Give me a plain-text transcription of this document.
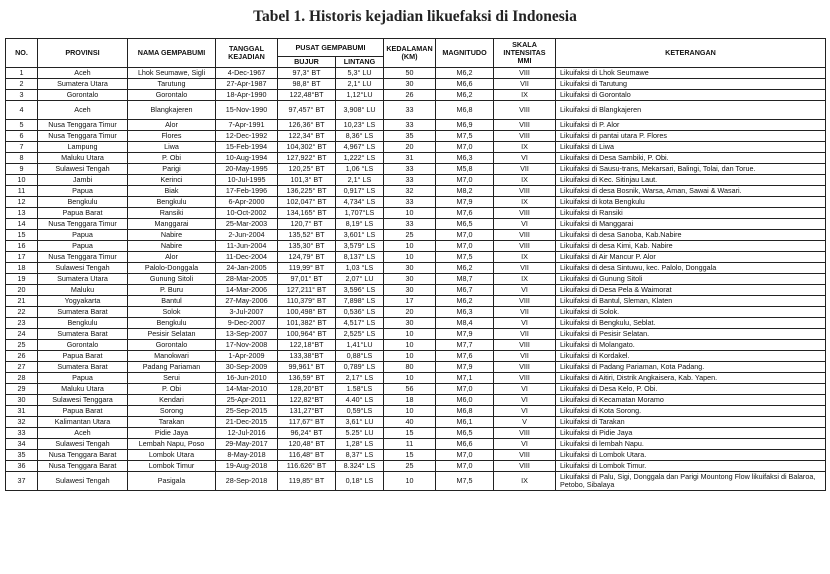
Tabel 1. Historis kejadian likuefaksi di Indonesia
NO.	PROVINSI	NAMA GEMPABUMI	TANGGAL KEJADIAN	PUSAT GEMPABUMI		KEDALAMAN (KM)	MAGNITUDO	SKALA INTENSITAS MMI	KETERANGAN
				BUJUR	LINTANG				
1	Aceh	Lhok Seumawe, Sigli	4-Dec-1967	97,3° BT	5,3° LU	50	M6,2	VIII	Likuifaksi di Lhok Seumawe
2	Sumatera Utara	Tarutung	27-Apr-1987	98,8° BT	2,1° LU	30	M6,6	VII	Likuifaksi di Tarutung
3	Gorontalo	Gorontalo	18-Apr-1990	122,48°BT	1,12°LU	26	M6,2	IX	Likuifaksi di Gorontalo
4	Aceh	Blangkajeren	15-Nov-1990	97,457° BT	3,908° LU	33	M6,8	VIII	Likuifaksi di Blangkajeren
5	Nusa Tenggara Timur	Alor	7-Apr-1991	126,36° BT	10,23° LS	33	M6,9	VIII	Likuifaksi di P. Alor
6	Nusa Tenggara Timur	Flores	12-Dec-1992	122,34° BT	8,36° LS	35	M7,5	VIII	Likuifaksi di pantai utara P. Flores
7	Lampung	Liwa	15-Feb-1994	104,302° BT	4,967° LS	20	M7,0	IX	Likuifaksi di Liwa
8	Maluku Utara	P. Obi	10-Aug-1994	127,922° BT	1,222° LS	31	M6,3	VI	Likuifaksi di Desa Sambiki, P. Obi.
9	Sulawesi Tengah	Parigi	20-May-1995	120,25° BT	1,06 °LS	33	M5,8	VII	Likuifaksi di Sausu-trans, Mekarsari, Balingi, Tolai, dan Torue.
10	Jambi	Kerinci	10-Jul-1995	101,3° BT	2,1° LS	33	M7,0	IX	Likuifaksi di Kec. Sitinjau Laut.
11	Papua	Biak	17-Feb-1996	136,225° BT	0,917° LS	32	M8,2	VIII	Likuifaksi di desa Bosnik, Warsa, Aman, Sawai & Wasari.
12	Bengkulu	Bengkulu	6-Apr-2000	102,047° BT	4,734° LS	33	M7,9	IX	Likuifaksi di kota Bengkulu
13	Papua Barat	Ransiki	10-Oct-2002	134,165° BT	1,707°LS	10	M7,6	VIII	Likuifaksi di Ransiki
14	Nusa Tenggara Timur	Manggarai	25-Mar-2003	120,7° BT	8,19° LS	33	M6,5	VI	Likuifaksi di Manggarai
15	Papua	Nabire	2-Jun-2004	135,52° BT	3,601° LS	25	M7,0	VIII	Likuifaksi di desa Sanoba, Kab.Nabire
16	Papua	Nabire	11-Jun-2004	135,30° BT	3,579° LS	10	M7,0	VIII	Likuifaksi di desa Kimi, Kab. Nabire
17	Nusa Tenggara Timur	Alor	11-Dec-2004	124,79° BT	8,137° LS	10	M7,5	IX	Likuifaksi di Air Mancur P. Alor
18	Sulawesi Tengah	Palolo-Donggala	24-Jan-2005	119,99° BT	1,03 °LS	30	M6,2	VII	Likuifaksi di desa Sintuwu, kec. Palolo, Donggala
19	Sumatera Utara	Gunung Sitoli	28-Mar-2005	97,01° BT	2,07° LU	30	M8,7	IX	Likuifaksi di Gunung Sitoli
20	Maluku	P. Buru	14-Mar-2006	127,211° BT	3,596° LS	30	M6,7	VI	Likuifaksi di Desa Pela & Waimorat
21	Yogyakarta	Bantul	27-May-2006	110,379° BT	7,898° LS	17	M6,2	VIII	Likuifaksi di Bantul, Sleman, Klaten
22	Sumatera Barat	Solok	3-Jul-2007	100,498° BT	0,536° LS	20	M6,3	VII	Likuifaksi di Solok.
23	Bengkulu	Bengkulu	9-Dec-2007	101,382° BT	4,517° LS	30	M8,4	VI	Likuifaksi di Bengkulu, Seblat.
24	Sumatera Barat	Pesisir Selatan	13-Sep-2007	100,964° BT	2,525° LS	10	M7,9	VII	Likuifaksi di Pesisir Selatan.
25	Gorontalo	Gorontalo	17-Nov-2008	122,18°BT	1,41°LU	10	M7,7	VIII	Likuifaksi di Molangato.
26	Papua Barat	Manokwari	1-Apr-2009	133,38°BT	0,88°LS	10	M7,6	VII	Likuifaksi di Kordakel.
27	Sumatera Barat	Padang Pariaman	30-Sep-2009	99,961° BT	0,789° LS	80	M7,9	VIII	Likuifaksi di Padang Pariaman, Kota Padang.
28	Papua	Serui	16-Jun-2010	136,59° BT	2,17° LS	10	M7,1	VIII	Likuifaksi di Aitiri, Distrik Angkaisera, Kab. Yapen.
29	Maluku Utara	P. Obi	14-Mar-2010	128,20°BT	1.58°LS	56	M7,0	VI	Likuifaksi di Desa Kelo, P. Obi.
30	Sulawesi Tenggara	Kendari	25-Apr-2011	122,82°BT	4.40° LS	18	M6,0	VI	Likuifaksi di Kecamatan Moramo
31	Papua Barat	Sorong	25-Sep-2015	131,27°BT	0,59°LS	10	M6,8	VI	Likuifaksi di Kota Sorong.
32	Kalimantan Utara	Tarakan	21-Dec-2015	117,67° BT	3,61° LU	40	M6,1	V	Likuifaksi di Tarakan
33	Aceh	Pidie Jaya	12-Jul-2016	96,24° BT	5.25° LU	15	M6,5	VIII	Likuifaksi di Pidie Jaya
34	Sulawesi Tengah	Lembah Napu, Poso	29-May-2017	120,48° BT	1,28° LS	11	M6,6	VI	Likuifaksi di lembah Napu.
35	Nusa Tenggara Barat	Lombok Utara	8-May-2018	116,48° BT	8,37° LS	15	M7,0	VIII	Likuifaksi di Lombok Utara.
36	Nusa Tenggara Barat	Lombok Timur	19-Aug-2018	116.626° BT	8.324° LS	25	M7,0	VIII	Likuifaksi di Lombok Timur.
37	Sulawesi Tengah	Pasigala	28-Sep-2018	119,85° BT	0,18° LS	10	M7,5	IX	Likuifaksi di Palu, Sigi, Donggala dan Parigi Mountong Flow likuifaksi di Balaroa, Petobo, Sibalaya
